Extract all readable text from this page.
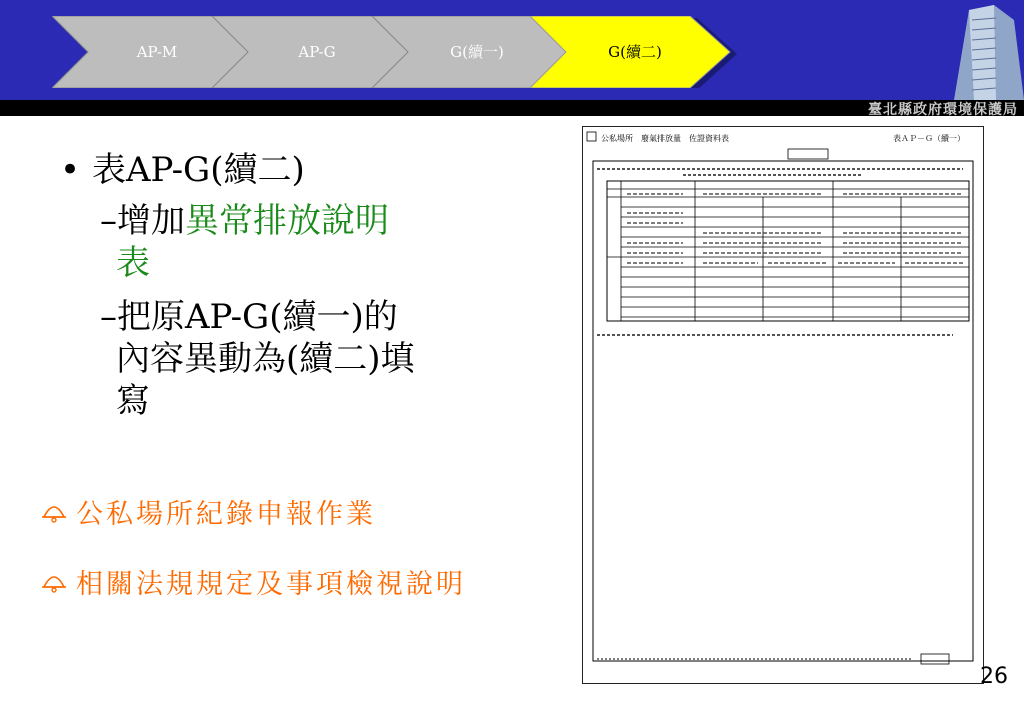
AP-M	AP-G	G(續一)	G(續二)
臺北縣政府環境保護局
• 表AP-G(續二)
–增加異常排放說明
表
–把原AP-G(續一)的
內容異動為(續二)填
寫
公私場所紀錄申報作業
相關法規規定及事項檢視說明
公私場所　廢氣排放量　佐證資料表	表ＡＰ－Ｇ（續一）
26
